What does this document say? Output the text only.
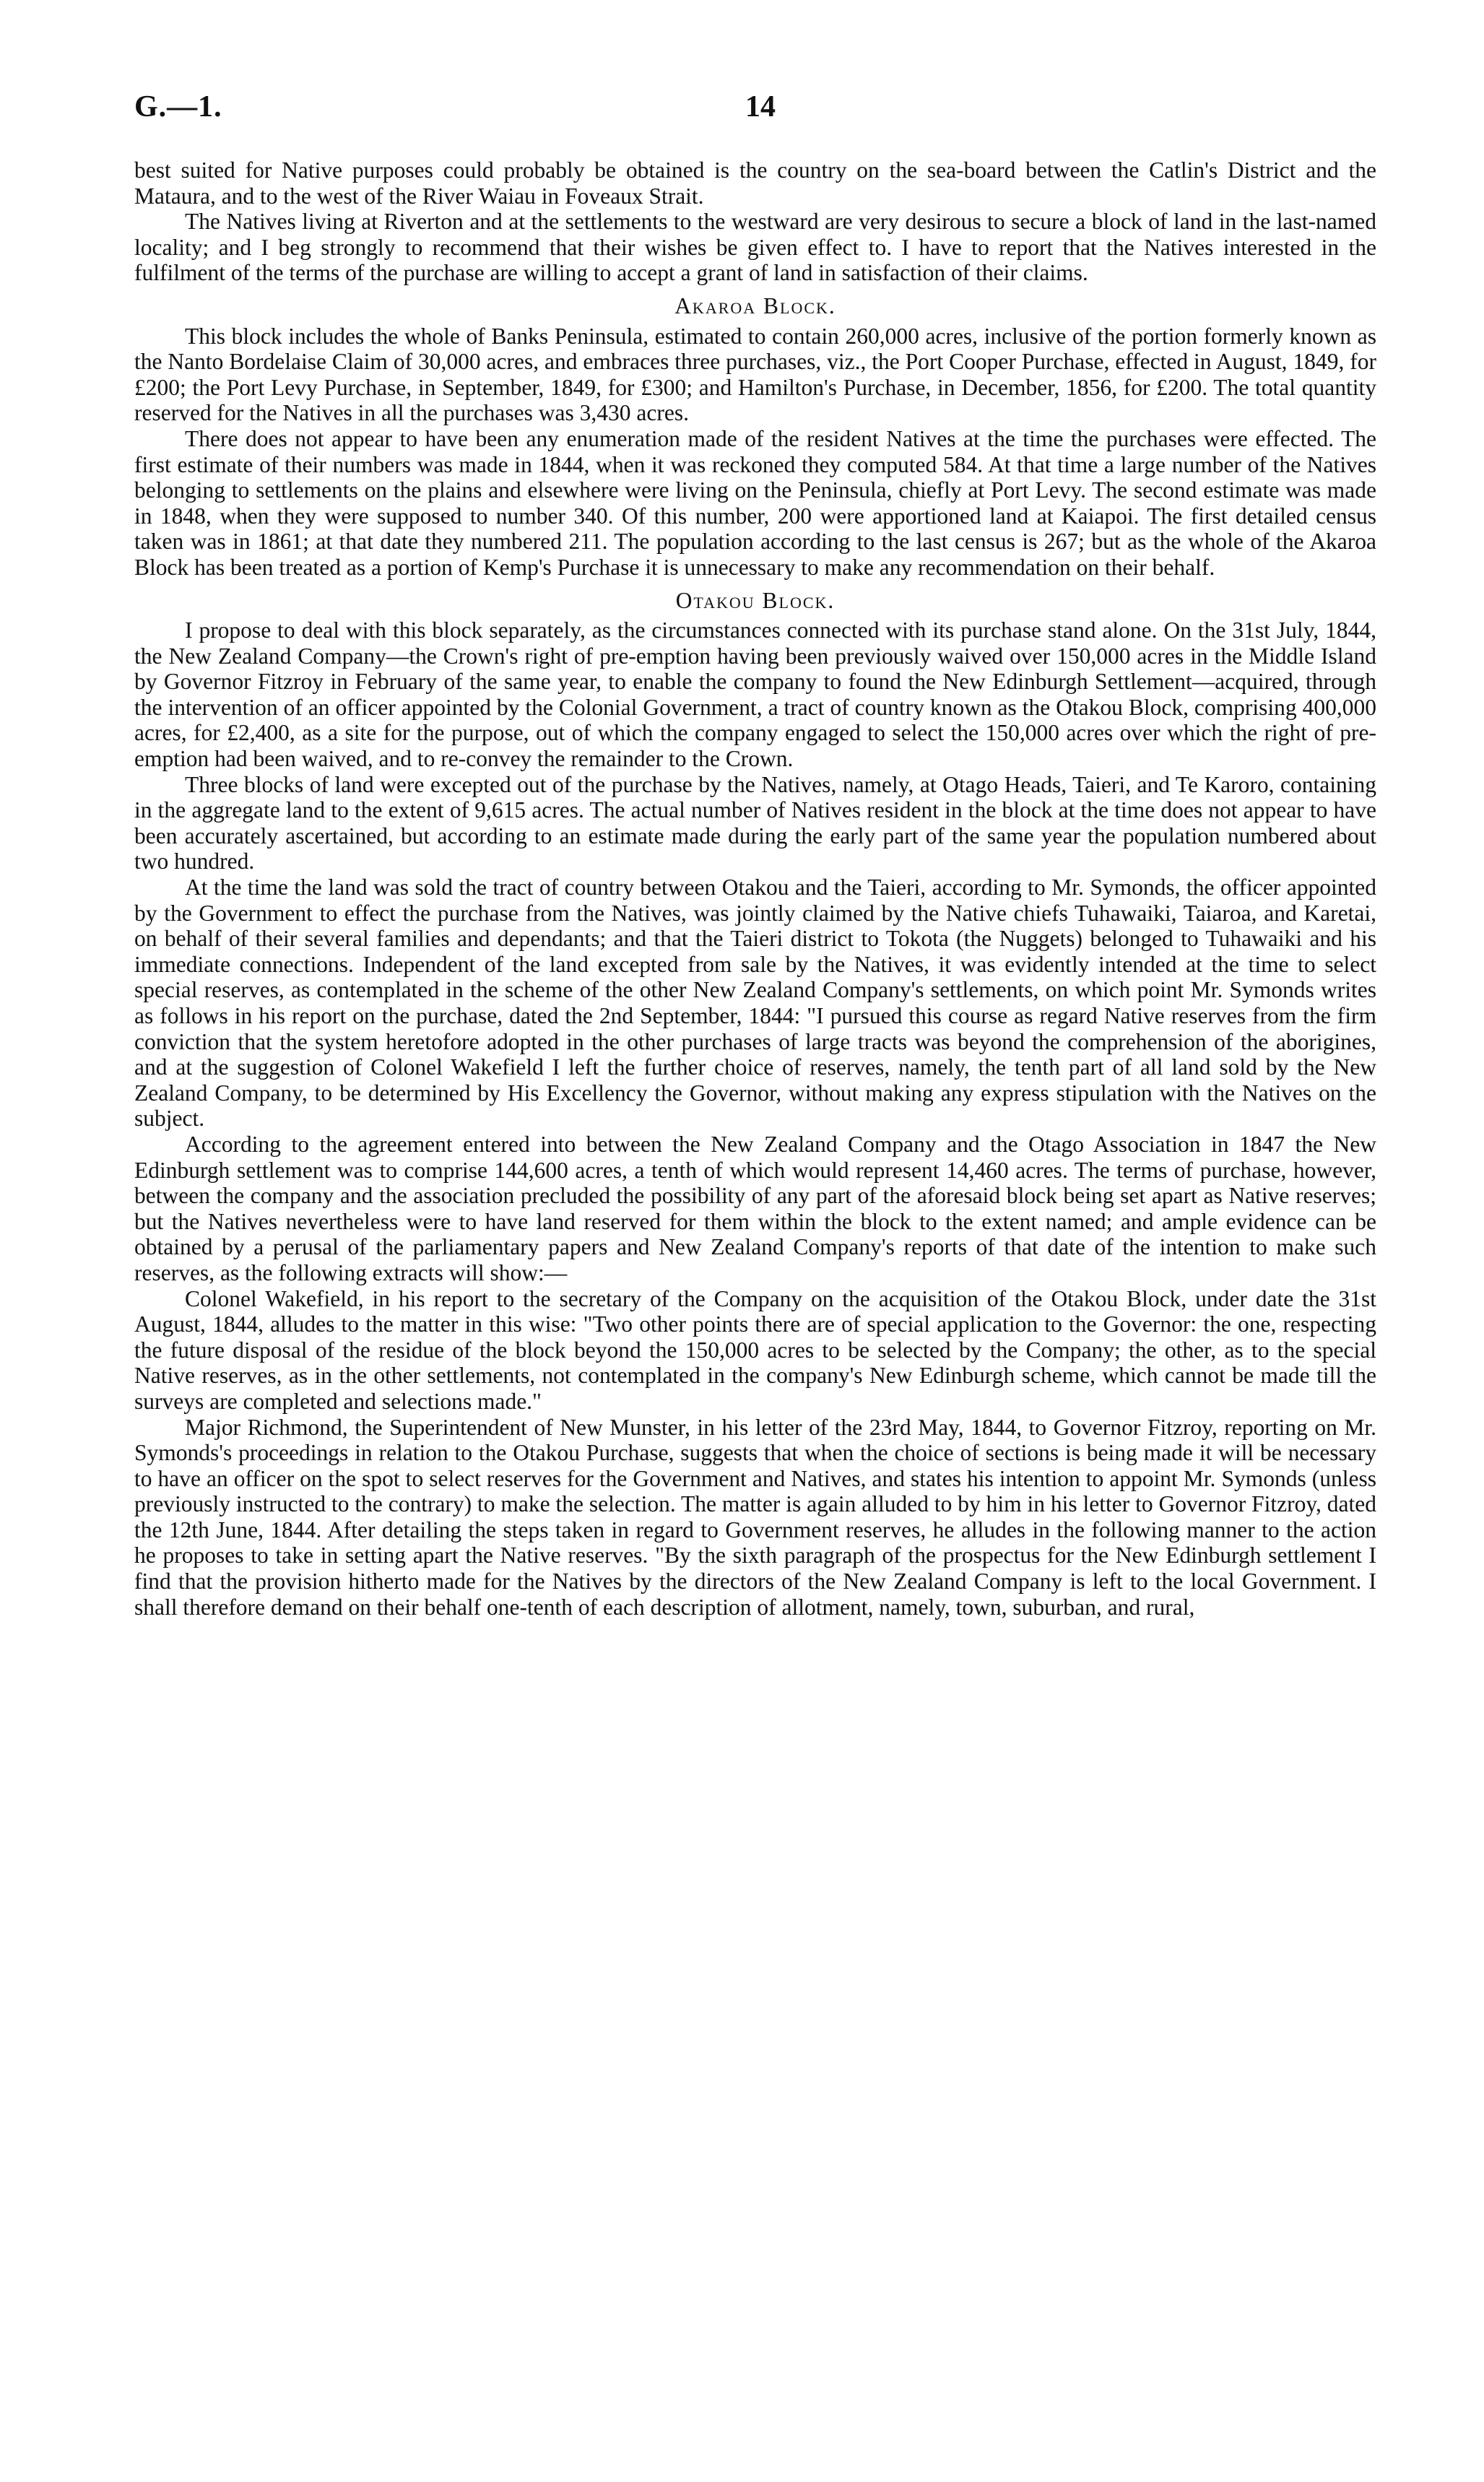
G.—1.	14

best suited for Native purposes could probably be obtained is the country on the sea-board between the Catlin's District and the Mataura, and to the west of the River Waiau in Foveaux Strait.

The Natives living at Riverton and at the settlements to the westward are very desirous to secure a block of land in the last-named locality; and I beg strongly to recommend that their wishes be given effect to. I have to report that the Natives interested in the fulfilment of the terms of the purchase are willing to accept a grant of land in satisfaction of their claims.

Akaroa Block.

This block includes the whole of Banks Peninsula, estimated to contain 260,000 acres, inclusive of the portion formerly known as the Nanto Bordelaise Claim of 30,000 acres, and embraces three purchases, viz., the Port Cooper Purchase, effected in August, 1849, for £200; the Port Levy Purchase, in September, 1849, for £300; and Hamilton's Purchase, in December, 1856, for £200. The total quantity reserved for the Natives in all the purchases was 3,430 acres.

There does not appear to have been any enumeration made of the resident Natives at the time the purchases were effected. The first estimate of their numbers was made in 1844, when it was reckoned they computed 584. At that time a large number of the Natives belonging to settlements on the plains and elsewhere were living on the Peninsula, chiefly at Port Levy. The second estimate was made in 1848, when they were supposed to number 340. Of this number, 200 were apportioned land at Kaiapoi. The first detailed census taken was in 1861; at that date they numbered 211. The population according to the last census is 267; but as the whole of the Akaroa Block has been treated as a portion of Kemp's Purchase it is unnecessary to make any recommendation on their behalf.

Otakou Block.

I propose to deal with this block separately, as the circumstances connected with its purchase stand alone. On the 31st July, 1844, the New Zealand Company—the Crown's right of pre-emption having been previously waived over 150,000 acres in the Middle Island by Governor Fitzroy in February of the same year, to enable the company to found the New Edinburgh Settlement—acquired, through the intervention of an officer appointed by the Colonial Government, a tract of country known as the Otakou Block, comprising 400,000 acres, for £2,400, as a site for the purpose, out of which the company engaged to select the 150,000 acres over which the right of pre-emption had been waived, and to re-convey the remainder to the Crown.

Three blocks of land were excepted out of the purchase by the Natives, namely, at Otago Heads, Taieri, and Te Karoro, containing in the aggregate land to the extent of 9,615 acres. The actual number of Natives resident in the block at the time does not appear to have been accurately ascertained, but according to an estimate made during the early part of the same year the population numbered about two hundred.

At the time the land was sold the tract of country between Otakou and the Taieri, according to Mr. Symonds, the officer appointed by the Government to effect the purchase from the Natives, was jointly claimed by the Native chiefs Tuhawaiki, Taiaroa, and Karetai, on behalf of their several families and dependants; and that the Taieri district to Tokota (the Nuggets) belonged to Tuhawaiki and his immediate connections. Independent of the land excepted from sale by the Natives, it was evidently intended at the time to select special reserves, as contemplated in the scheme of the other New Zealand Company's settlements, on which point Mr. Symonds writes as follows in his report on the purchase, dated the 2nd September, 1844: "I pursued this course as regard Native reserves from the firm conviction that the system heretofore adopted in the other purchases of large tracts was beyond the comprehension of the aborigines, and at the suggestion of Colonel Wakefield I left the further choice of reserves, namely, the tenth part of all land sold by the New Zealand Company, to be determined by His Excellency the Governor, without making any express stipulation with the Natives on the subject.

According to the agreement entered into between the New Zealand Company and the Otago Association in 1847 the New Edinburgh settlement was to comprise 144,600 acres, a tenth of which would represent 14,460 acres. The terms of purchase, however, between the company and the association precluded the possibility of any part of the aforesaid block being set apart as Native reserves; but the Natives nevertheless were to have land reserved for them within the block to the extent named; and ample evidence can be obtained by a perusal of the parliamentary papers and New Zealand Company's reports of that date of the intention to make such reserves, as the following extracts will show:—

Colonel Wakefield, in his report to the secretary of the Company on the acquisition of the Otakou Block, under date the 31st August, 1844, alludes to the matter in this wise: "Two other points there are of special application to the Governor: the one, respecting the future disposal of the residue of the block beyond the 150,000 acres to be selected by the Company; the other, as to the special Native reserves, as in the other settlements, not contemplated in the company's New Edinburgh scheme, which cannot be made till the surveys are completed and selections made."

Major Richmond, the Superintendent of New Munster, in his letter of the 23rd May, 1844, to Governor Fitzroy, reporting on Mr. Symonds's proceedings in relation to the Otakou Purchase, suggests that when the choice of sections is being made it will be necessary to have an officer on the spot to select reserves for the Government and Natives, and states his intention to appoint Mr. Symonds (unless previously instructed to the contrary) to make the selection. The matter is again alluded to by him in his letter to Governor Fitzroy, dated the 12th June, 1844. After detailing the steps taken in regard to Government reserves, he alludes in the following manner to the action he proposes to take in setting apart the Native reserves. "By the sixth paragraph of the prospectus for the New Edinburgh settlement I find that the provision hitherto made for the Natives by the directors of the New Zealand Company is left to the local Government. I shall therefore demand on their behalf one-tenth of each description of allotment, namely, town, suburban, and rural,
